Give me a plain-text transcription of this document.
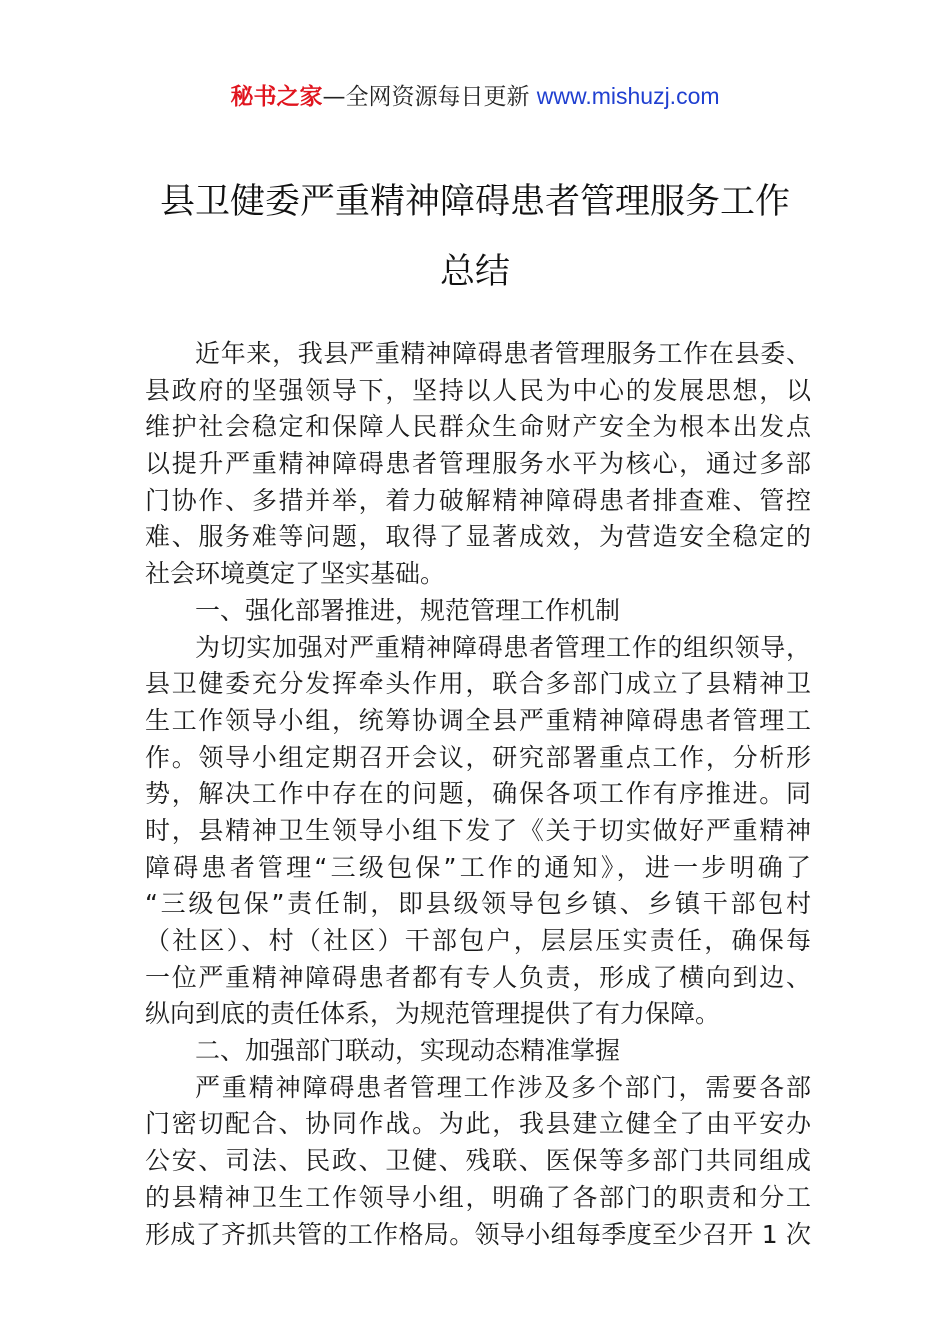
秘书之家—全网资源每日更新 www.mishuzj.com
县卫健委严重精神障碍患者管理服务工作
总结
近年来，我县严重精神障碍患者管理服务工作在县委、
县政府的坚强领导下，坚持以人民为中心的发展思想，以
维护社会稳定和保障人民群众生命财产安全为根本出发点
以提升严重精神障碍患者管理服务水平为核心，通过多部
门协作、多措并举，着力破解精神障碍患者排查难、管控
难、服务难等问题，取得了显著成效，为营造安全稳定的
社会环境奠定了坚实基础。
一、强化部署推进，规范管理工作机制
为切实加强对严重精神障碍患者管理工作的组织领导，
县卫健委充分发挥牵头作用，联合多部门成立了县精神卫
生工作领导小组，统筹协调全县严重精神障碍患者管理工
作。领导小组定期召开会议，研究部署重点工作，分析形
势，解决工作中存在的问题，确保各项工作有序推进。同
时，县精神卫生领导小组下发了《关于切实做好严重精神
障碍患者管理“三级包保”工作的通知》，进一步明确了
“三级包保”责任制，即县级领导包乡镇、乡镇干部包村
（社区）、村（社区）干部包户，层层压实责任，确保每
一位严重精神障碍患者都有专人负责，形成了横向到边、
纵向到底的责任体系，为规范管理提供了有力保障。
二、加强部门联动，实现动态精准掌握
严重精神障碍患者管理工作涉及多个部门，需要各部
门密切配合、协同作战。为此，我县建立健全了由平安办
公安、司法、民政、卫健、残联、医保等多部门共同组成
的县精神卫生工作领导小组，明确了各部门的职责和分工
形成了齐抓共管的工作格局。领导小组每季度至少召开 1 次
